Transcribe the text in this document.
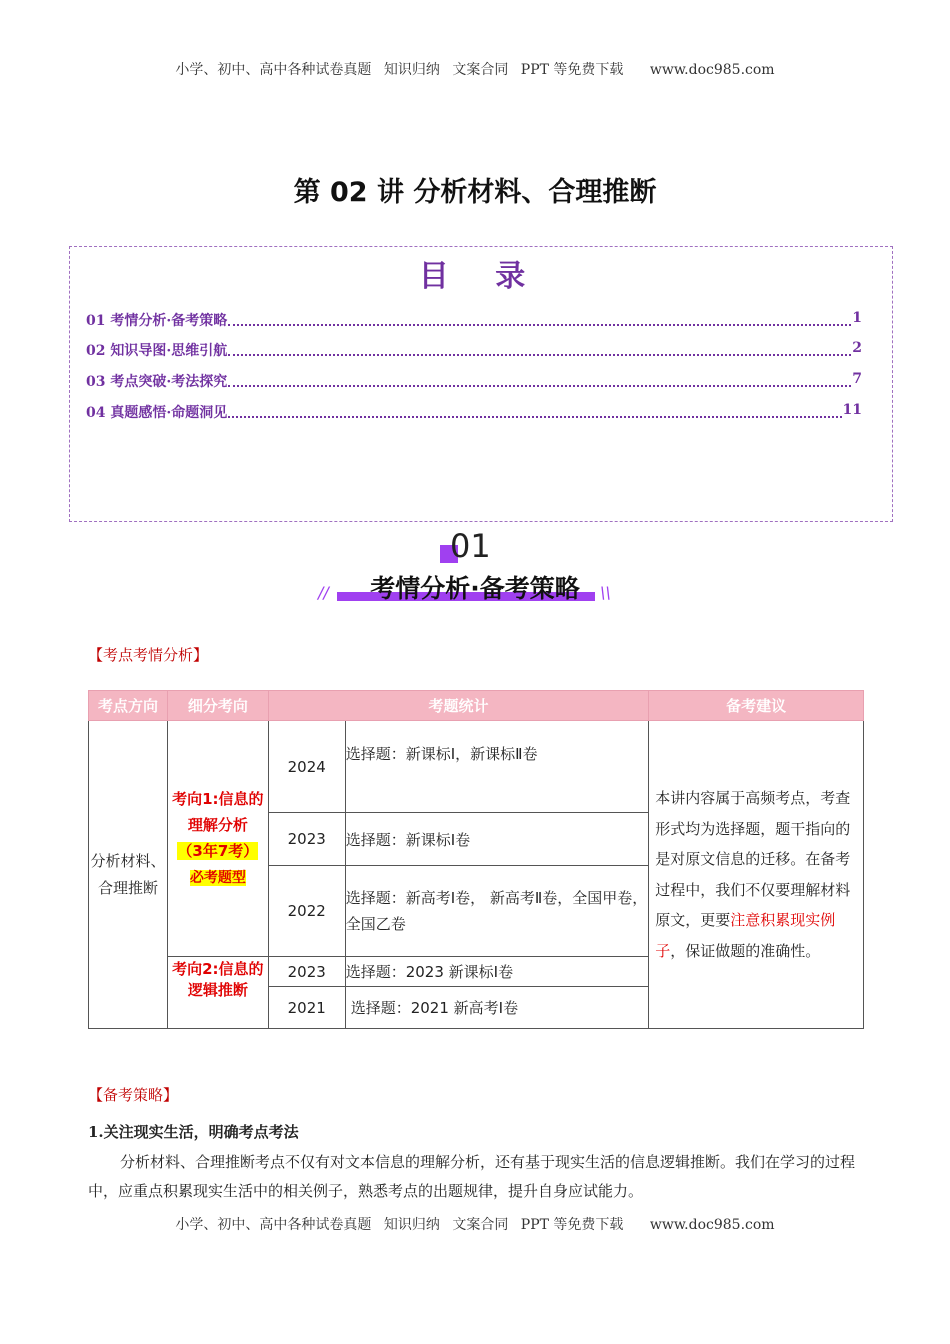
小学、初中、高中各种试卷真题 知识归纳 文案合同 PPT 等免费下载 www.doc985.com
第 02 讲 分析材料、合理推断
目 录
01 考情分析·备考策略	1
02 知识导图·思维引航	2
03 考点突破·考法探究	7
04 真题感悟·命题洞见	11
01
考情分析·备考策略
//	\\
【考点考情分析】
考点方向	细分考向	考题统计		备考建议
分析材料、合理推断	考向1:信息的理解分析
（3年7考）
必考题型	2024	选择题：新课标Ⅰ，新课标Ⅱ卷	本讲内容属于高频考点，考查形式均为选择题，题干指向的是对原文信息的迁移。在备考过程中，我们不仅要理解材料原文，更要注意积累现实例子，保证做题的准确性。
		2023	选择题：新课标Ⅰ卷	
		2022	选择题：新高考Ⅰ卷， 新高考Ⅱ卷，全国甲卷，全国乙卷	
	考向2:信息的逻辑推断	2023	选择题：2023 新课标Ⅰ卷	
		2021	选择题：2021 新高考Ⅰ卷	
【备考策略】
1.关注现实生活，明确考点考法
分析材料、合理推断考点不仅有对文本信息的理解分析，还有基于现实生活的信息逻辑推断。我们在学习的过程中，应重点积累现实生活中的相关例子，熟悉考点的出题规律，提升自身应试能力。
小学、初中、高中各种试卷真题 知识归纳 文案合同 PPT 等免费下载 www.doc985.com
